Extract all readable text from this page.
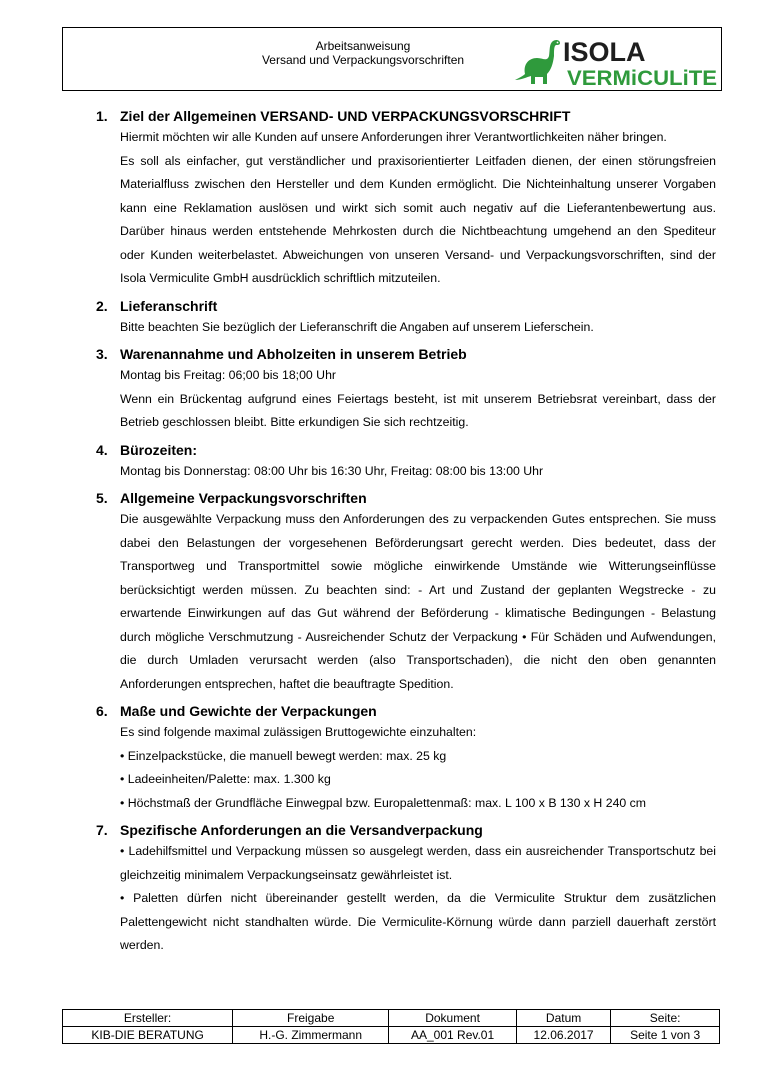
Arbeitsanweisung
Versand und Verpackungsvorschriften	ISOLA
VERMiCULiTE
1. Ziel der Allgemeinen VERSAND- UND VERPACKUNGSVORSCHRIFT

Hiermit möchten wir alle Kunden auf unsere Anforderungen ihrer Verantwortlichkeiten näher bringen.

Es soll als einfacher, gut verständlicher und praxisorientierter Leitfaden dienen, der einen störungsfreien Materialfluss zwischen den Hersteller und dem Kunden ermöglicht. Die Nichteinhaltung unserer Vorgaben kann eine Reklamation auslösen und wirkt sich somit auch negativ auf die Lieferantenbewertung aus. Darüber hinaus werden entstehende Mehrkosten durch die Nichtbeachtung umgehend an den Spediteur oder Kunden weiterbelastet. Abweichungen von unseren Versand- und Verpackungsvorschriften, sind der Isola Vermiculite GmbH ausdrücklich schriftlich mitzuteilen.

2. Lieferanschrift

Bitte beachten Sie bezüglich der Lieferanschrift die Angaben auf unserem Lieferschein.

3. Warenannahme und Abholzeiten in unserem Betrieb

Montag bis Freitag: 06;00 bis 18;00 Uhr

Wenn ein Brückentag aufgrund eines Feiertags besteht, ist mit unserem Betriebsrat vereinbart, dass der Betrieb geschlossen bleibt. Bitte erkundigen Sie sich rechtzeitig.

4. Bürozeiten:

Montag bis Donnerstag: 08:00 Uhr bis 16:30 Uhr, Freitag: 08:00 bis 13:00 Uhr

5. Allgemeine Verpackungsvorschriften

Die ausgewählte Verpackung muss den Anforderungen des zu verpackenden Gutes entsprechen. Sie muss dabei den Belastungen der vorgesehenen Beförderungsart gerecht werden. Dies bedeutet, dass der Transportweg und Transportmittel sowie mögliche einwirkende Umstände wie Witterungseinflüsse berücksichtigt werden müssen. Zu beachten sind: - Art und Zustand der geplanten Wegstrecke - zu erwartende Einwirkungen auf das Gut während der Beförderung - klimatische Bedingungen - Belastung durch mögliche Verschmutzung - Ausreichender Schutz der Verpackung • Für Schäden und Aufwendungen, die durch Umladen verursacht werden (also Transportschaden), die nicht den oben genannten Anforderungen entsprechen, haftet die beauftragte Spedition.

6. Maße und Gewichte der Verpackungen

Es sind folgende maximal zulässigen Bruttogewichte einzuhalten:

• Einzelpackstücke, die manuell bewegt werden: max. 25 kg

• Ladeeinheiten/Palette: max. 1.300 kg

• Höchstmaß der Grundfläche Einwegpal bzw. Europalettenmaß: max. L 100 x B 130 x H 240 cm

7. Spezifische Anforderungen an die Versandverpackung

• Ladehilfsmittel und Verpackung müssen so ausgelegt werden, dass ein ausreichender Transportschutz bei gleichzeitig minimalem Verpackungseinsatz gewährleistet ist.

• Paletten dürfen nicht übereinander gestellt werden, da die Vermiculite Struktur dem zusätzlichen Palettengewicht nicht standhalten würde. Die Vermiculite-Körnung würde dann parziell dauerhaft zerstört werden.

Ersteller:	Freigabe	Dokument	Datum	Seite:
KIB-DIE BERATUNG	H.-G. Zimmermann	AA_001 Rev.01	12.06.2017	Seite 1 von 3
